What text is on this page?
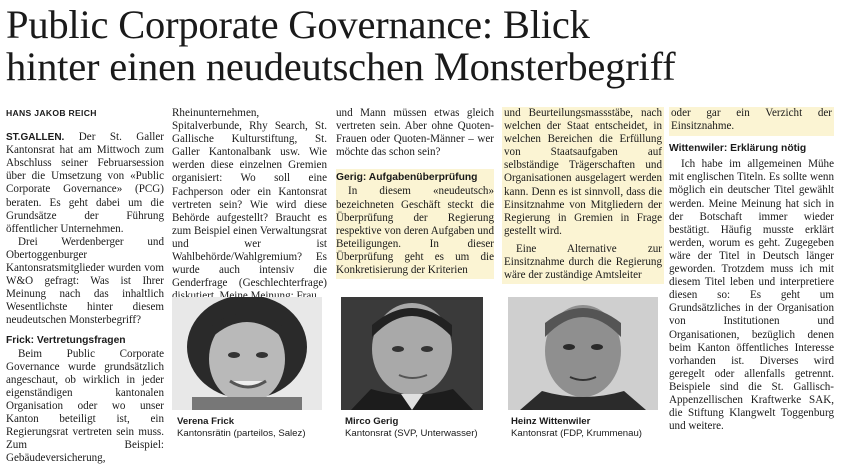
Public Corporate Governance: Blick
hinter einen neudeutschen Monsterbegriff
HANS JAKOB REICH

ST.GALLEN. Der St. Galler Kantonsrat hat am Mittwoch zum Abschluss seiner Februarsession über die Umsetzung von «Public Corporate Governance» (PCG) beraten. Es geht dabei um die Grundsätze der Führung öffentlicher Unternehmen.

Drei Werdenberger und Obertoggenburger Kantonsratsmitglieder wurden vom W&O gefragt: Was ist Ihrer Meinung nach das inhaltlich Wesentlichste hinter diesem neudeutschen Monsterbegriff?

Frick: Vertretungsfragen

Beim Public Corporate Governance wurde grundsätzlich angeschaut, ob wirklich in jeder eigenständigen kantonalen Organisation oder wo unser Kanton beteiligt ist, ein Regierungsrat vertreten sein muss. Zum Beispiel: Gebäudeversicherung,

Rheinunternehmen, Spitalverbunde, Rhy Search, St. Gallische Kulturstiftung, St. Galler Kantonalbank usw. Wie werden diese einzelnen Gremien organisiert: Wo soll eine Fachperson oder ein Kantonsrat vertreten sein? Wie wird diese Behörde aufgestellt? Braucht es zum Beispiel einen Verwaltungsrat und wer ist Wahlbehörde/Wahlgremium? Es wurde auch intensiv die Genderfrage (Geschlechterfrage)

und Mann müssen etwas gleich vertreten sein. Aber ohne Quoten-Frauen oder Quoten-Männer – wer möchte das schon sein?

Gerig: Aufgabenüberprüfung

In diesem «neudeutsch» bezeichneten Geschäft steckt die Überprüfung der Regierung respektive von deren Aufgaben und Beteiligungen. In dieser Überprüfung geht es um die Konkretisierung der Kriterien

und Beurteilungsmassstäbe, nach welchen der Staat entscheidet, in welchen Bereichen die Erfüllung von Staatsaufgaben auf selbständige Trägerschaften und Organisationen ausgelagert werden kann. Denn es ist sinnvoll, dass die Einsitznahme von Mitgliedern der Regierung in Gremien in Frage gestellt wird.

Eine Alternative zur Einsitznahme durch die Regierung wäre der zuständige Amtsleiter

oder gar ein Verzicht der Einsitznahme.

Wittenwiler: Erklärung nötig

Ich habe im allgemeinen Mühe mit englischen Titeln. Es sollte wenn möglich ein deutscher Titel gewählt werden. Meine Meinung hat sich in der Botschaft immer wieder bestätigt. Häufig musste erklärt werden, worum es geht. Zugegeben wäre der Titel in Deutsch länger geworden. Trotzdem muss ich mit diesem Titel leben und interpretiere diesen so: Es geht um Grundsätzliches in der Organisation von Institutionen und Organisationen, bezüglich denen beim Kanton öffentliches Interesse vorhanden ist. Diverses wird geregelt oder allenfalls getrennt. Beispiele sind die St. Gallisch-Appenzellischen Kraftwerke SAK, die Stiftung Klangwelt Toggenburg und weitere.

Verena Frick
Kantonsrätin (parteilos, Salez)
Mirco Gerig
Kantonsrat (SVP, Unterwasser)
Heinz Wittenwiler
Kantonsrat (FDP, Krummenau)
